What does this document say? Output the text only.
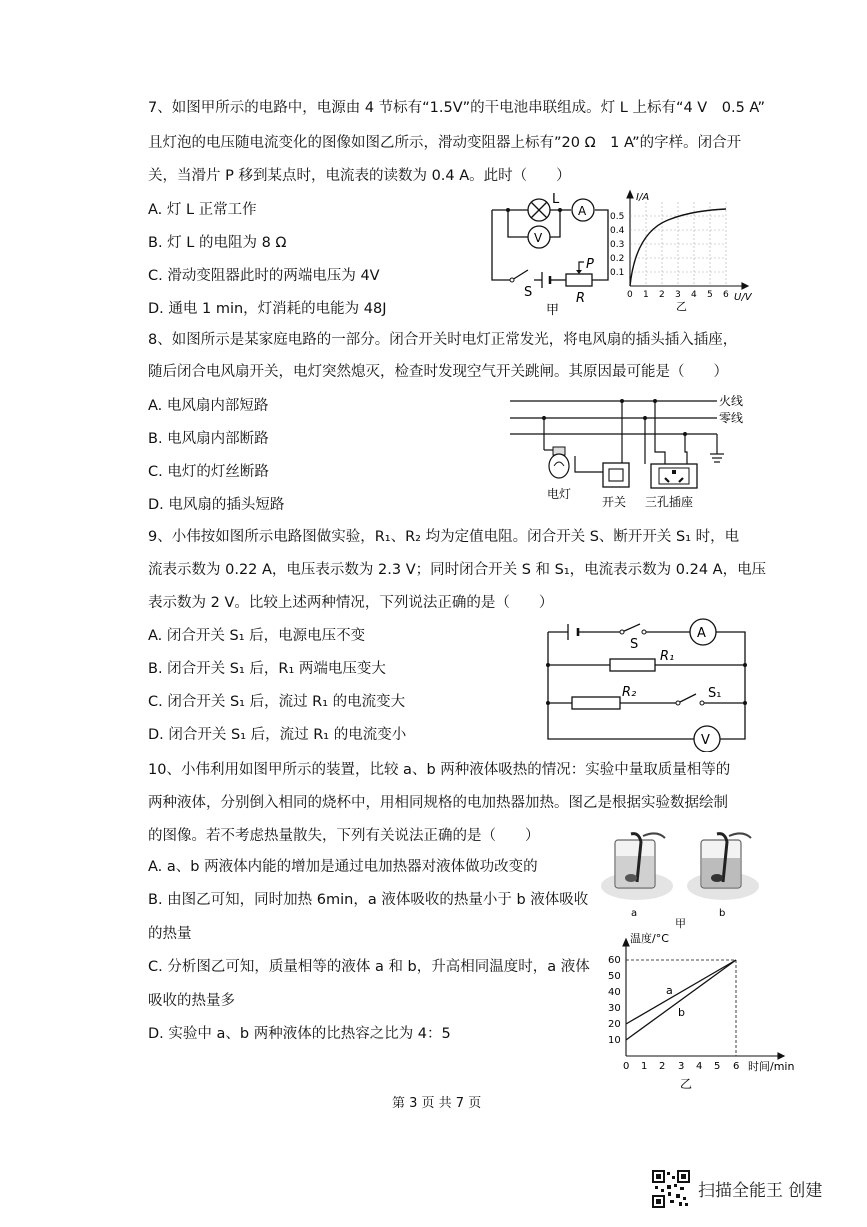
7、如图甲所示的电路中，电源由 4 节标有“1.5V”的干电池串联组成。灯 L 上标有“4 V　0.5 A”
且灯泡的电压随电流变化的图像如图乙所示，滑动变阻器上标有”20 Ω　1 A”的字样。闭合开
关，当滑片 P 移到某点时，电流表的读数为 0.4 A。此时（　　）
A. 灯 L 正常工作
B. 灯 L 的电阻为 8 Ω
C. 滑动变阻器此时的两端电压为 4V
D. 通电 1 min，灯消耗的电能为 48J
L
A
V
S
P
R
甲
I/A
U/V
0.5
0.4
0.3
0.2
0.1
0 1 2 3 4 5 6
乙
8、如图所示是某家庭电路的一部分。闭合开关时电灯正常发光，将电风扇的插头插入插座，
随后闭合电风扇开关，电灯突然熄灭，检查时发现空气开关跳闸。其原因最可能是（　　）
A. 电风扇内部短路
B. 电风扇内部断路
C. 电灯的灯丝断路
D. 电风扇的插头短路
火线
零线
电灯
开关 三孔插座
9、小伟按如图所示电路图做实验，R₁、R₂ 均为定值电阻。闭合开关 S、断开开关 S₁ 时，电
流表示数为 0.22 A，电压表示数为 2.3 V；同时闭合开关 S 和 S₁，电流表示数为 0.24 A，电压
表示数为 2 V。比较上述两种情况，下列说法正确的是（　　）
A. 闭合开关 S₁ 后，电源电压不变
B. 闭合开关 S₁ 后，R₁ 两端电压变大
C. 闭合开关 S₁ 后，流过 R₁ 的电流变大
D. 闭合开关 S₁ 后，流过 R₁ 的电流变小
S
A
R₁
R₂	S₁
V
10、小伟利用如图甲所示的装置，比较 a、b 两种液体吸热的情况：实验中量取质量相等的
两种液体，分别倒入相同的烧杯中，用相同规格的电加热器加热。图乙是根据实验数据绘制
的图像。若不考虑热量散失，下列有关说法正确的是（　　）
A. a、b 两液体内能的增加是通过电加热器对液体做功改变的
B. 由图乙可知，同时加热 6min，a 液体吸收的热量小于 b 液体吸收
的热量
C. 分析图乙可知，质量相等的液体 a 和 b，升高相同温度时，a 液体
吸收的热量多
D. 实验中 a、b 两种液体的比热容之比为 4：5
a	b
甲
a
b
温度/°C
时间/min
60
50
40
30
20
10
0 1 2 3 4 5 6
乙
第 3 页 共 7 页
扫描全能王 创建
